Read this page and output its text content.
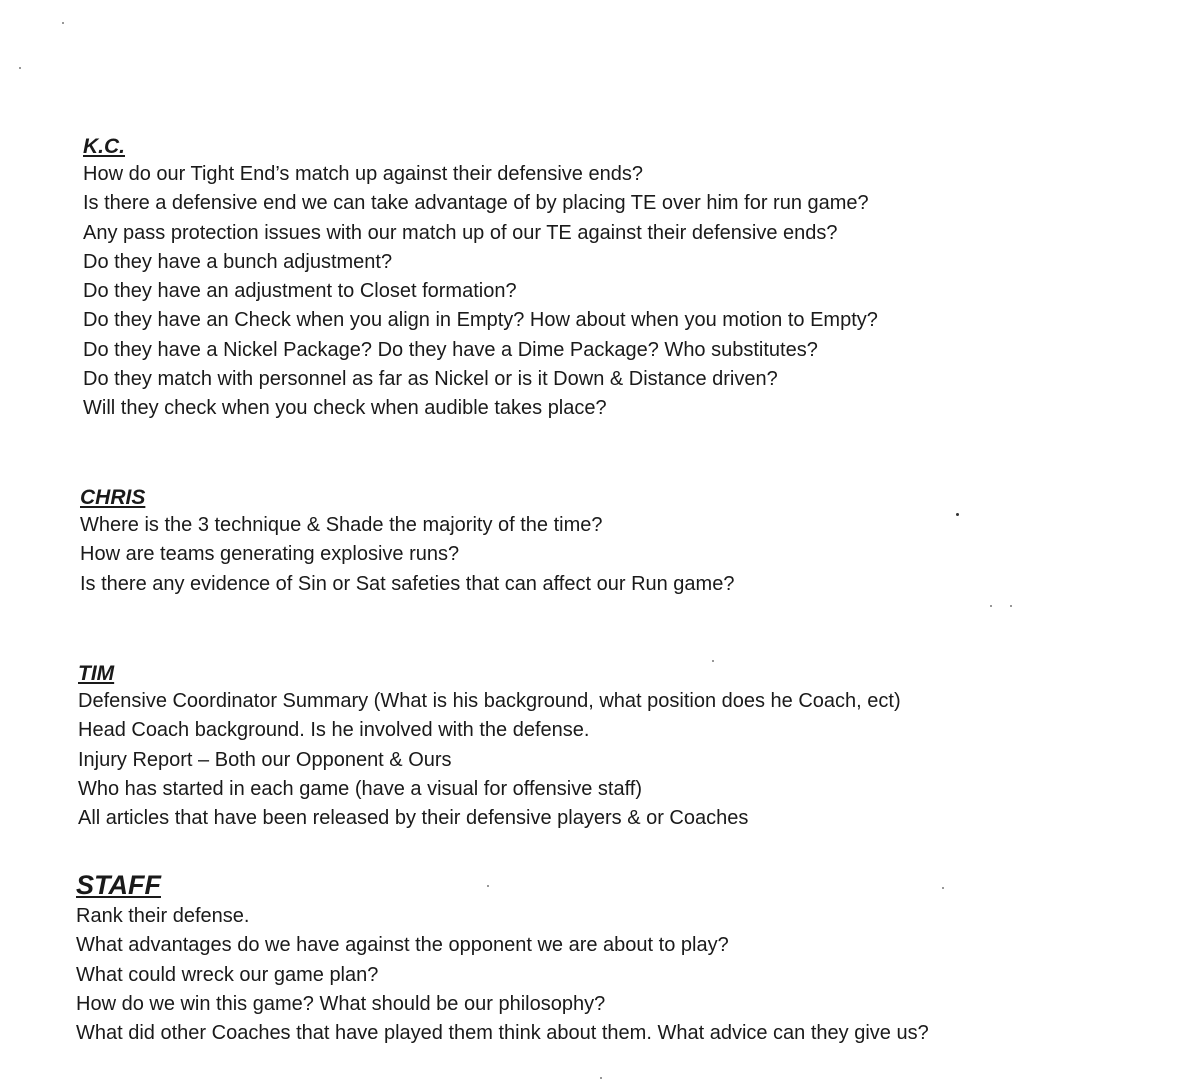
K.C.
How do our Tight End’s match up against their defensive ends?
Is there a defensive end we can take advantage of by placing TE over him for run game?
Any pass protection issues with our match up of our TE against their defensive ends?
Do they have a bunch adjustment?
Do they have an adjustment to Closet formation?
Do they have an Check when you align in Empty? How about when you motion to Empty?
Do they have a Nickel Package? Do they have a Dime Package? Who substitutes?
Do they match with personnel as far as Nickel or is it Down & Distance driven?
Will they check when you check when audible takes place?
CHRIS
Where is the 3 technique & Shade the majority of the time?
How are teams generating explosive runs?
Is there any evidence of Sin or Sat safeties that can affect our Run game?
TIM
Defensive Coordinator Summary (What is his background, what position does he Coach, ect)
Head Coach background. Is he involved with the defense.
Injury Report – Both our Opponent & Ours
Who has started in each game (have a visual for offensive staff)
All articles that have been released by their defensive players & or Coaches
STAFF
Rank their defense.
What advantages do we have against the opponent we are about to play?
What could wreck our game plan?
How do we win this game? What should be our philosophy?
What did other Coaches that have played them think about them. What advice can they give us?
